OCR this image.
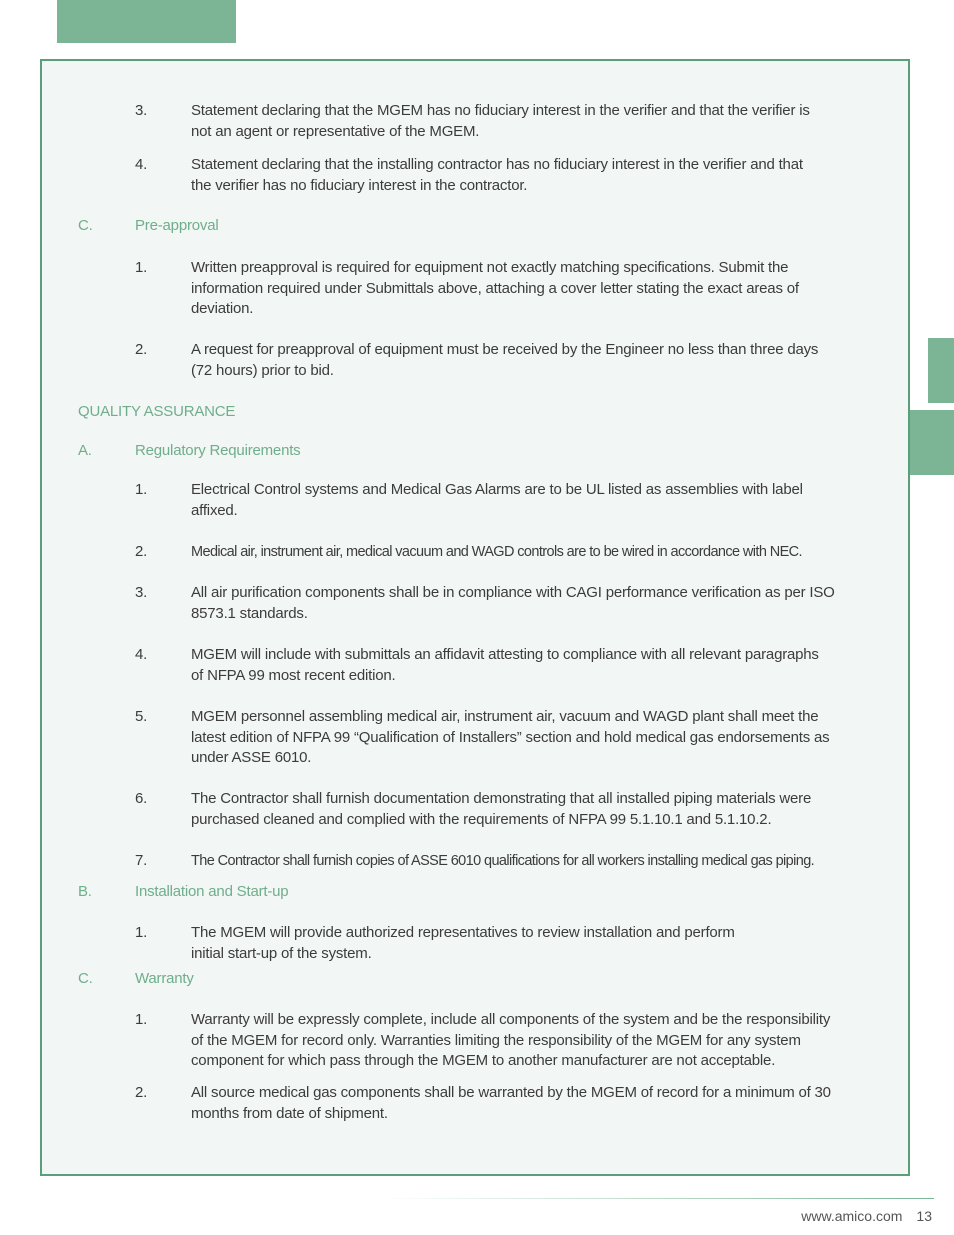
3.	Statement declaring that the MGEM has no fiduciary interest in the verifier and that the verifier is
not an agent or representative of the MGEM.
4.	Statement declaring that the installing contractor has no fiduciary interest in the verifier and that
the verifier has no fiduciary interest in the contractor.
C.	Pre-approval
1.	Written preapproval is required for equipment not exactly matching specifications. Submit the
information required under Submittals above, attaching a cover letter stating the exact areas of
deviation.
2.	A request for preapproval of equipment must be received by the Engineer no less than three days
(72 hours) prior to bid.
QUALITY ASSURANCE
A.	Regulatory Requirements
1.	Electrical Control systems and Medical Gas Alarms are to be UL listed as assemblies with label
affixed.
2.	Medical air, instrument air, medical vacuum and WAGD controls are to be wired in accordance with NEC.
3.	All air purification components shall be in compliance with CAGI performance verification as per ISO
8573.1 standards.
4.	MGEM will include with submittals an affidavit attesting to compliance with all relevant paragraphs
of NFPA 99 most recent edition.
5.	MGEM personnel assembling medical air, instrument air, vacuum and WAGD plant shall meet the
latest edition of NFPA 99 “Qualification of Installers” section and hold medical gas endorsements as
under ASSE 6010.
6.	The Contractor shall furnish documentation demonstrating that all installed piping materials were
purchased cleaned and complied with the requirements of NFPA 99 5.1.10.1 and 5.1.10.2.
7.	The Contractor shall furnish copies of ASSE 6010 qualifications for all workers installing medical gas piping.
B.	Installation and Start-up
1.	The MGEM will provide authorized representatives to review installation and perform
initial start-up of the system.
C.	Warranty
1.	Warranty will be expressly complete, include all components of the system and be the responsibility
of the MGEM for record only. Warranties limiting the responsibility of the MGEM for any system
component for which pass through the MGEM to another manufacturer are not acceptable.
2.	All source medical gas components shall be warranted by the MGEM of record for a minimum of 30
months from date of shipment.
www.amico.com 13
